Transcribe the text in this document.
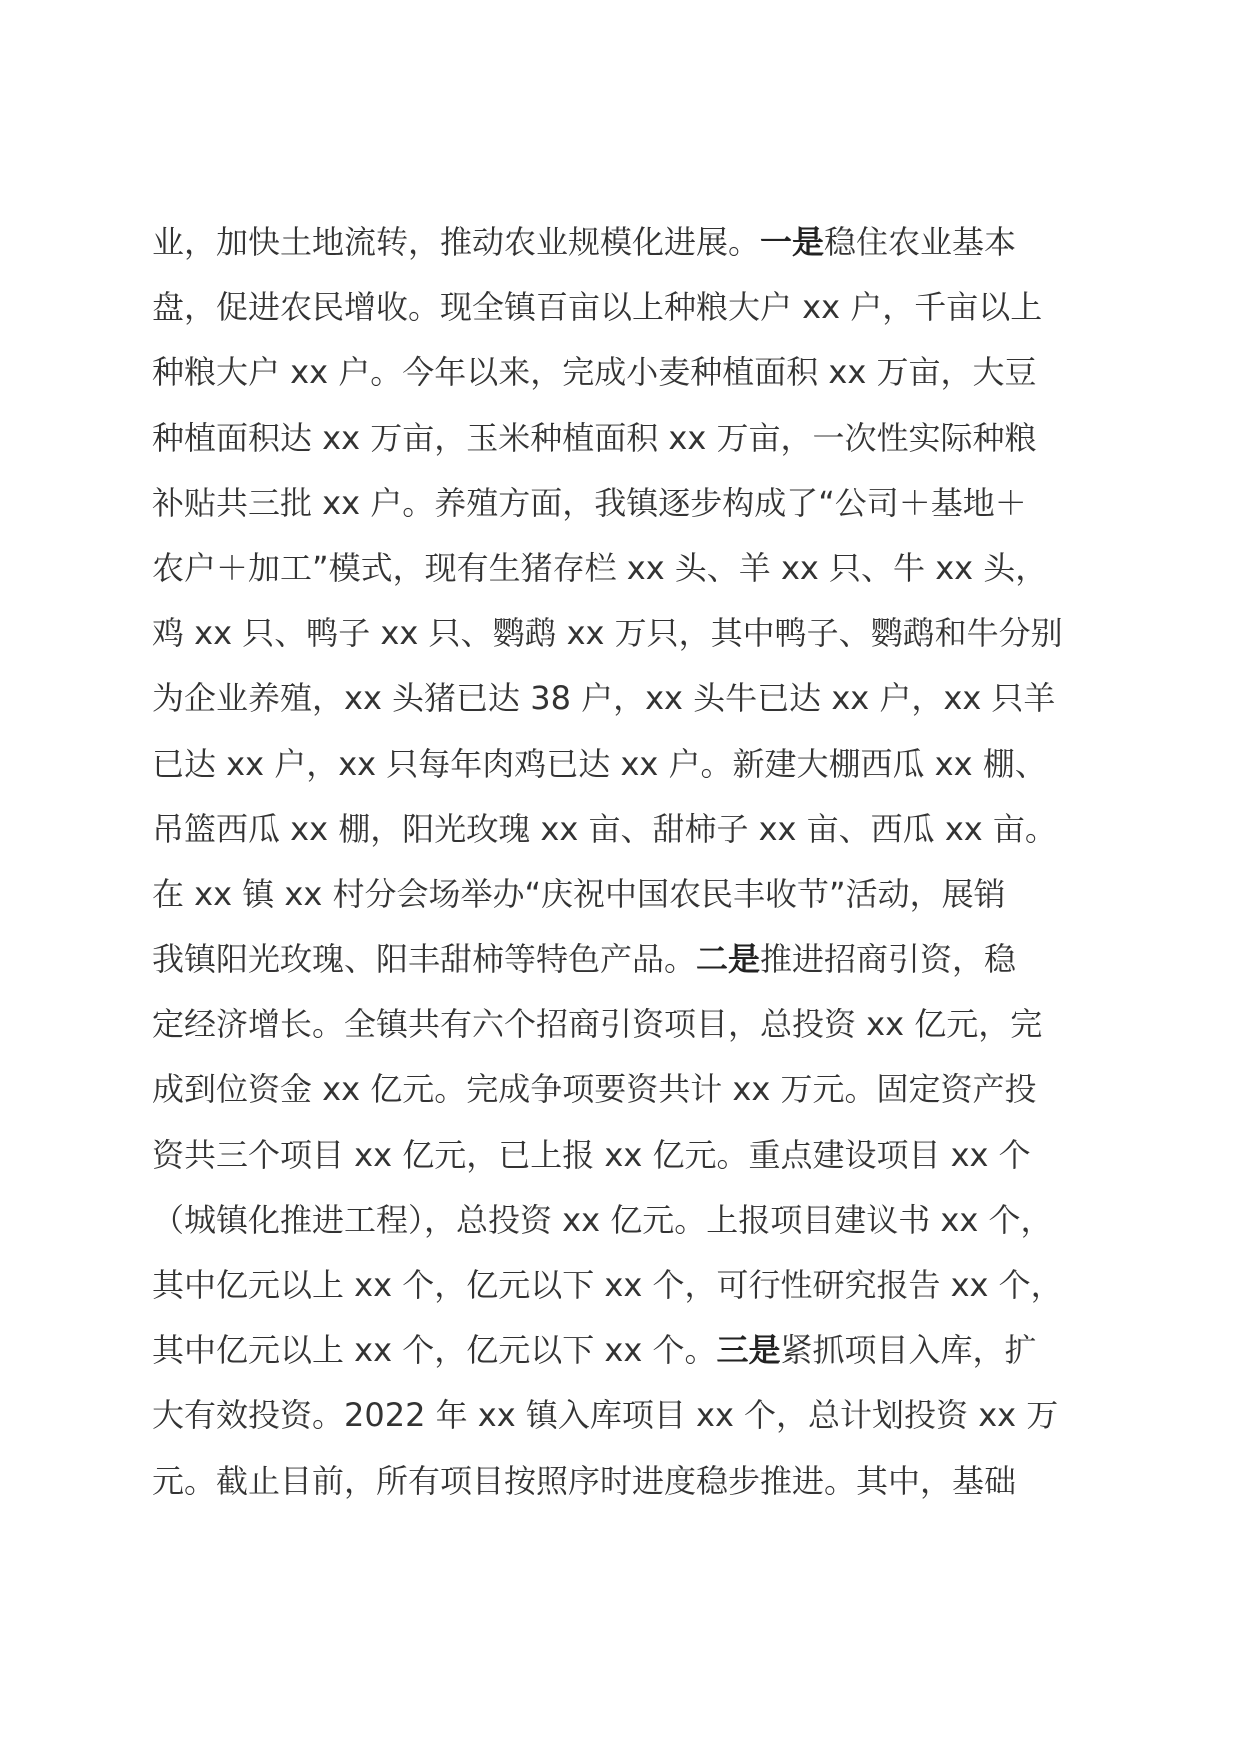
业，加快土地流转，推动农业规模化进展。一是稳住农业基本
盘，促进农民增收。现全镇百亩以上种粮大户 xx 户，千亩以上
种粮大户 xx 户。今年以来，完成小麦种植面积 xx 万亩，大豆
种植面积达 xx 万亩，玉米种植面积 xx 万亩，一次性实际种粮
补贴共三批 xx 户。养殖方面，我镇逐步构成了“公司＋基地＋
农户＋加工”模式，现有生猪存栏 xx 头、羊 xx 只、牛 xx 头，
鸡 xx 只、鸭子 xx 只、鹦鹉 xx 万只，其中鸭子、鹦鹉和牛分别
为企业养殖，xx 头猪已达 38 户，xx 头牛已达 xx 户，xx 只羊
已达 xx 户，xx 只每年肉鸡已达 xx 户。新建大棚西瓜 xx 棚、
吊篮西瓜 xx 棚，阳光玫瑰 xx 亩、甜柿子 xx 亩、西瓜 xx 亩。
在 xx 镇 xx 村分会场举办“庆祝中国农民丰收节”活动，展销
我镇阳光玫瑰、阳丰甜柿等特色产品。二是推进招商引资，稳
定经济增长。全镇共有六个招商引资项目，总投资 xx 亿元，完
成到位资金 xx 亿元。完成争项要资共计 xx 万元。固定资产投
资共三个项目 xx 亿元，已上报 xx 亿元。重点建设项目 xx 个
（城镇化推进工程），总投资 xx 亿元。上报项目建议书 xx 个，
其中亿元以上 xx 个，亿元以下 xx 个，可行性研究报告 xx 个，
其中亿元以上 xx 个，亿元以下 xx 个。三是紧抓项目入库，扩
大有效投资。2022 年 xx 镇入库项目 xx 个，总计划投资 xx 万
元。截止目前，所有项目按照序时进度稳步推进。其中，基础
